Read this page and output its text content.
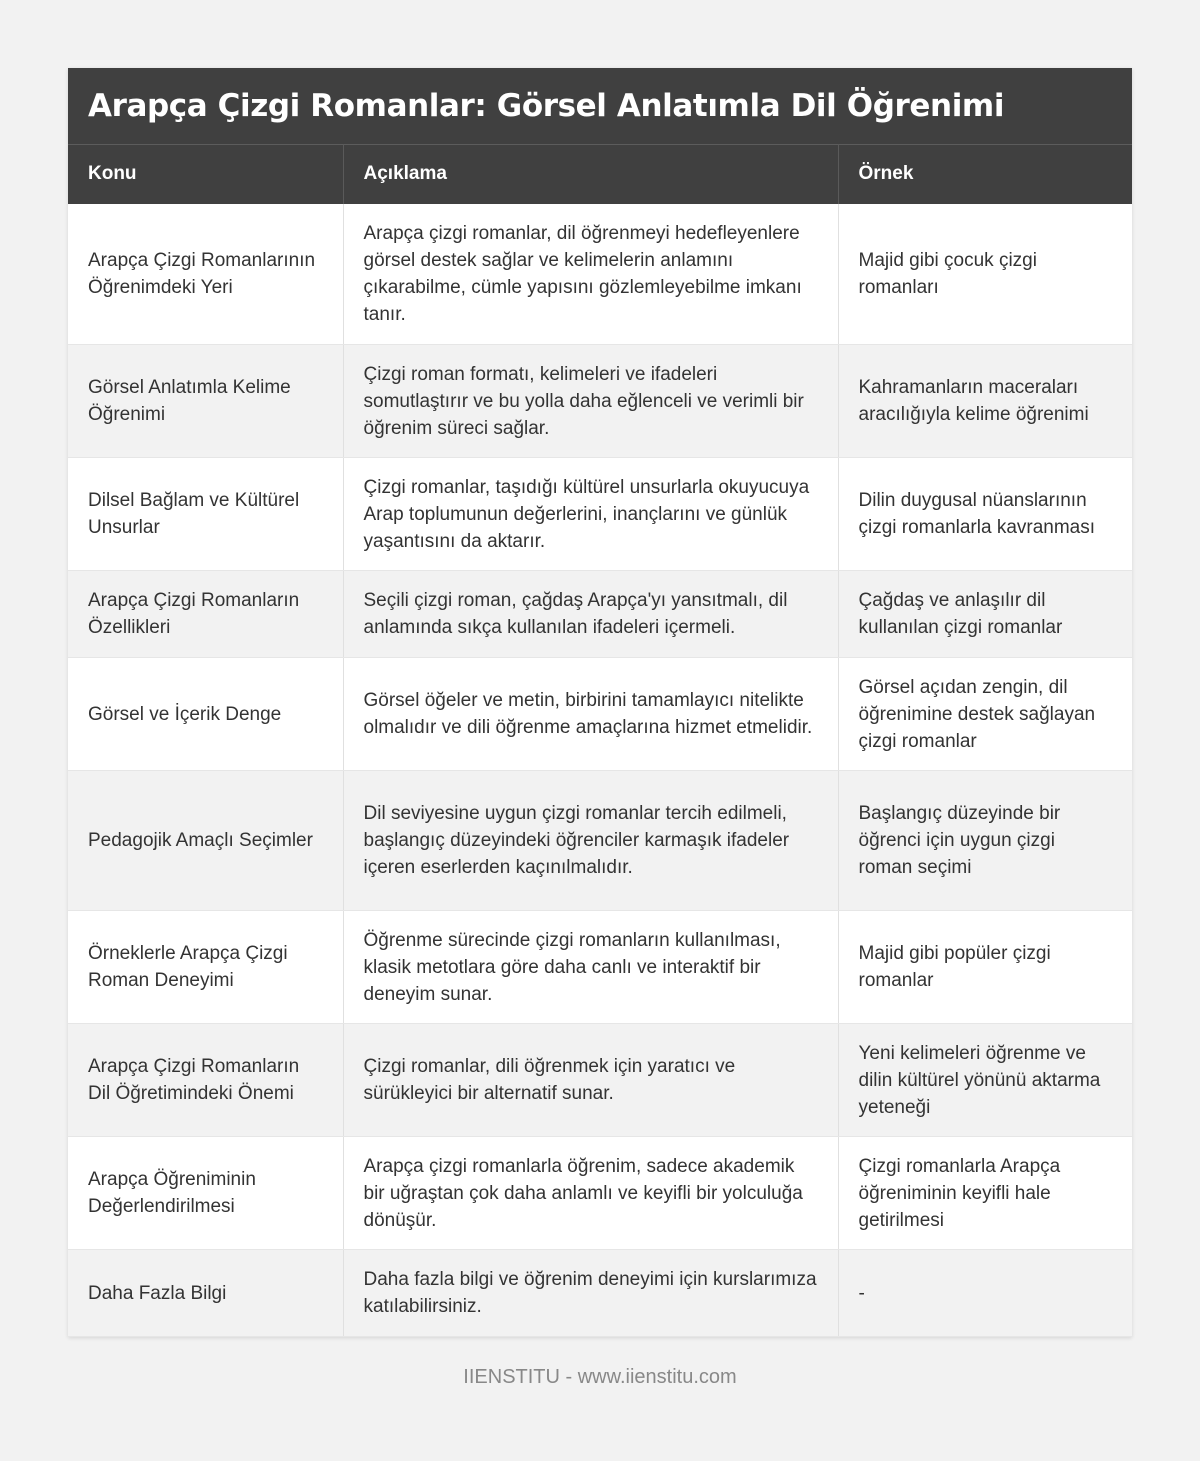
Arapça Çizgi Romanlar: Görsel Anlatımla Dil Öğrenimi
Konu	Açıklama	Örnek
Arapça Çizgi Romanlarının Öğrenimdeki Yeri	Arapça çizgi romanlar, dil öğrenmeyi hedefleyenlere görsel destek sağlar ve kelimelerin anlamını çıkarabilme, cümle yapısını gözlemleyebilme imkanı tanır.	Majid gibi çocuk çizgi romanları
Görsel Anlatımla Kelime Öğrenimi	Çizgi roman formatı, kelimeleri ve ifadeleri somutlaştırır ve bu yolla daha eğlenceli ve verimli bir öğrenim süreci sağlar.	Kahramanların maceraları aracılığıyla kelime öğrenimi
Dilsel Bağlam ve Kültürel Unsurlar	Çizgi romanlar, taşıdığı kültürel unsurlarla okuyucuya Arap toplumunun değerlerini, inançlarını ve günlük yaşantısını da aktarır.	Dilin duygusal nüanslarının çizgi romanlarla kavranması
Arapça Çizgi Romanların Özellikleri	Seçili çizgi roman, çağdaş Arapça'yı yansıtmalı, dil anlamında sıkça kullanılan ifadeleri içermeli.	Çağdaş ve anlaşılır dil kullanılan çizgi romanlar
Görsel ve İçerik Denge	Görsel öğeler ve metin, birbirini tamamlayıcı nitelikte olmalıdır ve dili öğrenme amaçlarına hizmet etmelidir.	Görsel açıdan zengin, dil öğrenimine destek sağlayan çizgi romanlar
Pedagojik Amaçlı Seçimler	Dil seviyesine uygun çizgi romanlar tercih edilmeli, başlangıç düzeyindeki öğrenciler karmaşık ifadeler içeren eserlerden kaçınılmalıdır.	Başlangıç düzeyinde bir öğrenci için uygun çizgi roman seçimi
Örneklerle Arapça Çizgi Roman Deneyimi	Öğrenme sürecinde çizgi romanların kullanılması, klasik metotlara göre daha canlı ve interaktif bir deneyim sunar.	Majid gibi popüler çizgi romanlar
Arapça Çizgi Romanların Dil Öğretimindeki Önemi	Çizgi romanlar, dili öğrenmek için yaratıcı ve sürükleyici bir alternatif sunar.	Yeni kelimeleri öğrenme ve dilin kültürel yönünü aktarma yeteneği
Arapça Öğreniminin Değerlendirilmesi	Arapça çizgi romanlarla öğrenim, sadece akademik bir uğraştan çok daha anlamlı ve keyifli bir yolculuğa dönüşür.	Çizgi romanlarla Arapça öğreniminin keyifli hale getirilmesi
Daha Fazla Bilgi	Daha fazla bilgi ve öğrenim deneyimi için kurslarımıza katılabilirsiniz.	-
IIENSTITU - www.iienstitu.com
